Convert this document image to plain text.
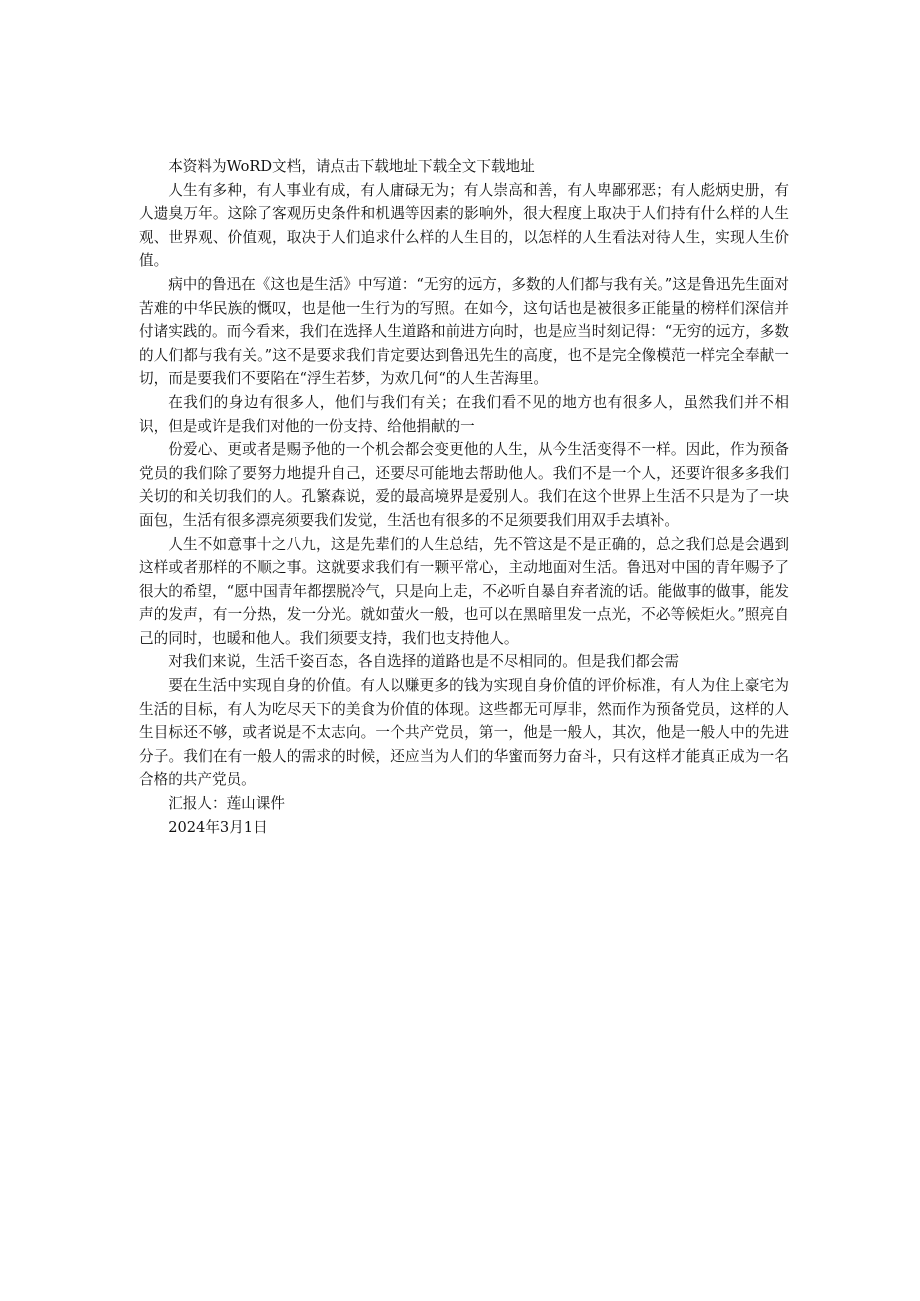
本资料为WoRD文档，请点击下载地址下载全文下载地址

人生有多种，有人事业有成，有人庸碌无为；有人崇高和善，有人卑鄙邪恶；有人彪炳史册，有人遗臭万年。这除了客观历史条件和机遇等因素的影响外，很大程度上取决于人们持有什么样的人生观、世界观、价值观，取决于人们追求什么样的人生目的，以怎样的人生看法对待人生，实现人生价值。

病中的鲁迅在《这也是生活》中写道：“无穷的远方，多数的人们都与我有关。”这是鲁迅先生面对苦难的中华民族的慨叹，也是他一生行为的写照。在如今，这句话也是被很多正能量的榜样们深信并付诸实践的。而今看来，我们在选择人生道路和前进方向时，也是应当时刻记得：“无穷的远方，多数的人们都与我有关。”这不是要求我们肯定要达到鲁迅先生的高度，也不是完全像模范一样完全奉献一切，而是要我们不要陷在“浮生若梦，为欢几何“的人生苦海里。

在我们的身边有很多人，他们与我们有关；在我们看不见的地方也有很多人，虽然我们并不相识，但是或许是我们对他的一份支持、给他捐献的一

份爱心、更或者是赐予他的一个机会都会变更他的人生，从今生活变得不一样。因此，作为预备党员的我们除了要努力地提升自己，还要尽可能地去帮助他人。我们不是一个人，还要许很多多我们关切的和关切我们的人。孔繁森说，爱的最高境界是爱别人。我们在这个世界上生活不只是为了一块面包，生活有很多漂亮须要我们发觉，生活也有很多的不足须要我们用双手去填补。

人生不如意事十之八九，这是先辈们的人生总结，先不管这是不是正确的，总之我们总是会遇到这样或者那样的不顺之事。这就要求我们有一颗平常心，主动地面对生活。鲁迅对中国的青年赐予了很大的希望，“愿中国青年都摆脱冷气，只是向上走，不必听自暴自弃者流的话。能做事的做事，能发声的发声，有一分热，发一分光。就如萤火一般，也可以在黑暗里发一点光，不必等候炬火。”照亮自己的同时，也暖和他人。我们须要支持，我们也支持他人。

对我们来说，生活千姿百态，各自选择的道路也是不尽相同的。但是我们都会需

要在生活中实现自身的价值。有人以赚更多的钱为实现自身价值的评价标准，有人为住上豪宅为生活的目标，有人为吃尽天下的美食为价值的体现。这些都无可厚非，然而作为预备党员，这样的人生目标还不够，或者说是不太志向。一个共产党员，第一，他是一般人，其次，他是一般人中的先进分子。我们在有一般人的需求的时候，还应当为人们的华蜜而努力奋斗，只有这样才能真正成为一名合格的共产党员。

汇报人：莲山课件

2024年3月1日
